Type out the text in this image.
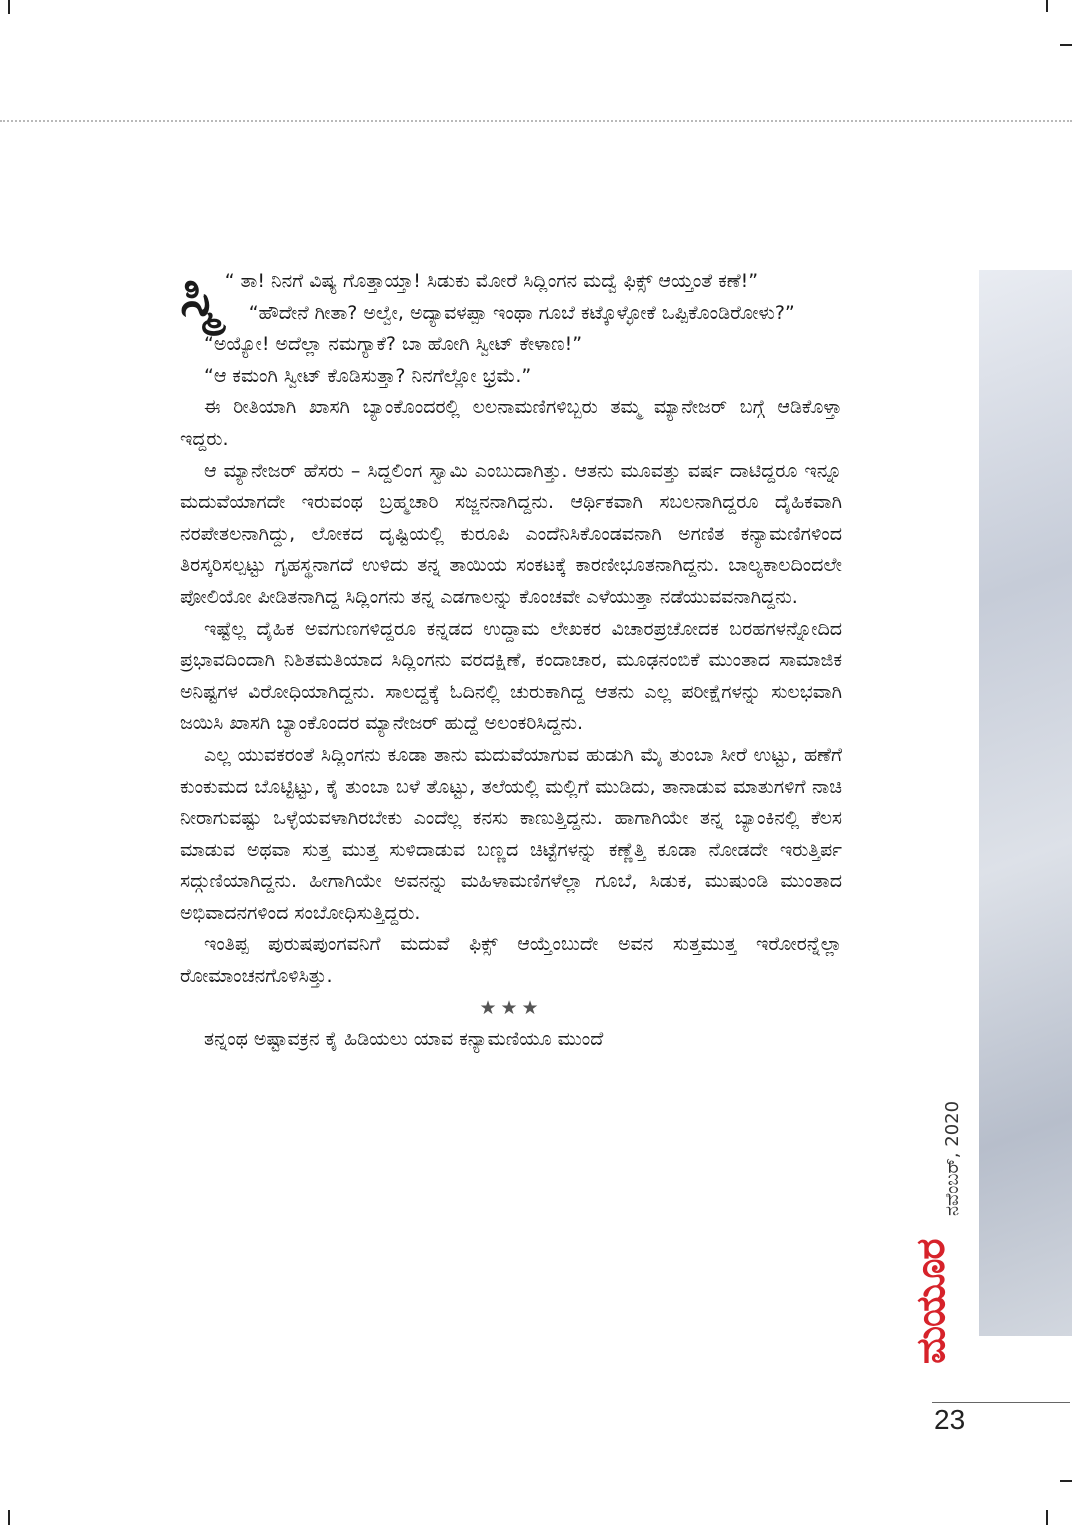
ಸ್ಮಿ “ ತಾ! ನಿನಗೆ ವಿಷ್ಯ ಗೊತ್ತಾಯ್ತಾ! ಸಿಡುಕು ಮೋರೆ ಸಿದ್ಲಿಂಗನ ಮದ್ವೆ ಫಿಕ್ಸ್ ಆಯ್ತಂತೆ ಕಣೆ!”

“ಹೌದೇನೆ ಗೀತಾ? ಅಲ್ವೇ, ಅದ್ಯಾವಳಪ್ಪಾ ಇಂಥಾ ಗೂಬೆ ಕಟ್ಕೊಳ್ಳೋಕೆ ಒಪ್ಪಿಕೊಂಡಿರೋಳು?”

“ಅಯ್ಯೋ! ಅದೆಲ್ಲಾ ನಮಗ್ಯಾಕೆ? ಬಾ ಹೋಗಿ ಸ್ವೀಟ್ ಕೇಳಾಣ!”

“ಆ ಕಮಂಗಿ ಸ್ವೀಟ್ ಕೊಡಿಸುತ್ತಾ? ನಿನಗೆಲ್ಲೋ ಭ್ರಮೆ.”

ಈ ರೀತಿಯಾಗಿ ಖಾಸಗಿ ಬ್ಯಾಂಕೊಂದರಲ್ಲಿ ಲಲನಾಮಣಿಗಳಿಬ್ಬರು ತಮ್ಮ ಮ್ಯಾನೇಜರ್ ಬಗ್ಗೆ ಆಡಿಕೊಳ್ತಾ ಇದ್ದರು.

ಆ ಮ್ಯಾನೇಜರ್ ಹೆಸರು – ಸಿದ್ದಲಿಂಗ ಸ್ವಾಮಿ ಎಂಬುದಾಗಿತ್ತು. ಆತನು ಮೂವತ್ತು ವರ್ಷ ದಾಟಿದ್ದರೂ ಇನ್ನೂ ಮದುವೆಯಾಗದೇ ಇರುವಂಥ ಬ್ರಹ್ಮಚಾರಿ ಸಜ್ಜನನಾಗಿದ್ದನು. ಆರ್ಥಿಕವಾಗಿ ಸಬಲನಾಗಿದ್ದರೂ ದೈಹಿಕವಾಗಿ ನರಪೇತಲನಾಗಿದ್ದು, ಲೋಕದ ದೃಷ್ಟಿಯಲ್ಲಿ ಕುರೂಪಿ ಎಂದೆನಿಸಿಕೊಂಡವನಾಗಿ ಅಗಣಿತ ಕನ್ಯಾಮಣಿಗಳಿಂದ ತಿರಸ್ಕರಿಸಲ್ಪಟ್ಟು ಗೃಹಸ್ಥನಾಗದೆ ಉಳಿದು ತನ್ನ ತಾಯಿಯ ಸಂಕಟಕ್ಕೆ ಕಾರಣೀಭೂತನಾಗಿದ್ದನು. ಬಾಲ್ಯಕಾಲದಿಂದಲೇ ಪೋಲಿಯೋ ಪೀಡಿತನಾಗಿದ್ದ ಸಿದ್ಲಿಂಗನು ತನ್ನ ಎಡಗಾಲನ್ನು ಕೊಂಚವೇ ಎಳೆಯುತ್ತಾ ನಡೆಯುವವನಾಗಿದ್ದನು.

ಇಷ್ಟೆಲ್ಲ ದೈಹಿಕ ಅವಗುಣಗಳಿದ್ದರೂ ಕನ್ನಡದ ಉದ್ದಾಮ ಲೇಖಕರ ವಿಚಾರಪ್ರಚೋದಕ ಬರಹಗಳನ್ನೋದಿದ ಪ್ರಭಾವದಿಂದಾಗಿ ನಿಶಿತಮತಿಯಾದ ಸಿದ್ಲಿಂಗನು ವರದಕ್ಷಿಣೆ, ಕಂದಾಚಾರ, ಮೂಢನಂಬಿಕೆ ಮುಂತಾದ ಸಾಮಾಜಿಕ ಅನಿಷ್ಟಗಳ ವಿರೋಧಿಯಾಗಿದ್ದನು. ಸಾಲದ್ದಕ್ಕೆ ಓದಿನಲ್ಲಿ ಚುರುಕಾಗಿದ್ದ ಆತನು ಎಲ್ಲ ಪರೀಕ್ಷೆಗಳನ್ನು ಸುಲಭವಾಗಿ ಜಯಿಸಿ ಖಾಸಗಿ ಬ್ಯಾಂಕೊಂದರ ಮ್ಯಾನೇಜರ್ ಹುದ್ದೆ ಅಲಂಕರಿಸಿದ್ದನು.

ಎಲ್ಲ ಯುವಕರಂತೆ ಸಿದ್ಲಿಂಗನು ಕೂಡಾ ತಾನು ಮದುವೆಯಾಗುವ ಹುಡುಗಿ ಮೈ ತುಂಬಾ ಸೀರೆ ಉಟ್ಟು, ಹಣೆಗೆ ಕುಂಕುಮದ ಬೊಟ್ಟಿಟ್ಟು, ಕೈ ತುಂಬಾ ಬಳೆ ತೊಟ್ಟು, ತಲೆಯಲ್ಲಿ ಮಲ್ಲಿಗೆ ಮುಡಿದು, ತಾನಾಡುವ ಮಾತುಗಳಿಗೆ ನಾಚಿ ನೀರಾಗುವಷ್ಟು ಒಳ್ಳೆಯವಳಾಗಿರಬೇಕು ಎಂದೆಲ್ಲ ಕನಸು ಕಾಣುತ್ತಿದ್ದನು. ಹಾಗಾಗಿಯೇ ತನ್ನ ಬ್ಯಾಂಕಿನಲ್ಲಿ ಕೆಲಸ ಮಾಡುವ ಅಥವಾ ಸುತ್ತ ಮುತ್ತ ಸುಳಿದಾಡುವ ಬಣ್ಣದ ಚಿಟ್ಟೆಗಳನ್ನು ಕಣ್ಣೆತ್ತಿ ಕೂಡಾ ನೋಡದೇ ಇರುತ್ತಿರ್ಪ ಸದ್ಗುಣಿಯಾಗಿದ್ದನು. ಹೀಗಾಗಿಯೇ ಅವನನ್ನು ಮಹಿಳಾಮಣಿಗಳೆಲ್ಲಾ ಗೂಬೆ, ಸಿಡುಕ, ಮುಷುಂಡಿ ಮುಂತಾದ ಅಭಿವಾದನಗಳಿಂದ ಸಂಬೋಧಿಸುತ್ತಿದ್ದರು.

ಇಂತಿಪ್ಪ ಪುರುಷಪುಂಗವನಿಗೆ ಮದುವೆ ಫಿಕ್ಸ್ ಆಯ್ತೆಂಬುದೇ ಅವನ ಸುತ್ತಮುತ್ತ ಇರೋರನ್ನೆಲ್ಲಾ ರೋಮಾಂಚನಗೊಳಿಸಿತ್ತು.

★★★

ತನ್ನಂಥ ಅಷ್ಟಾವಕ್ರನ ಕೈ ಹಿಡಿಯಲು ಯಾವ ಕನ್ಯಾಮಣಿಯೂ ಮುಂದೆ

ನವೆಂಬರ್, 2020
ಮಯೂರ
23
